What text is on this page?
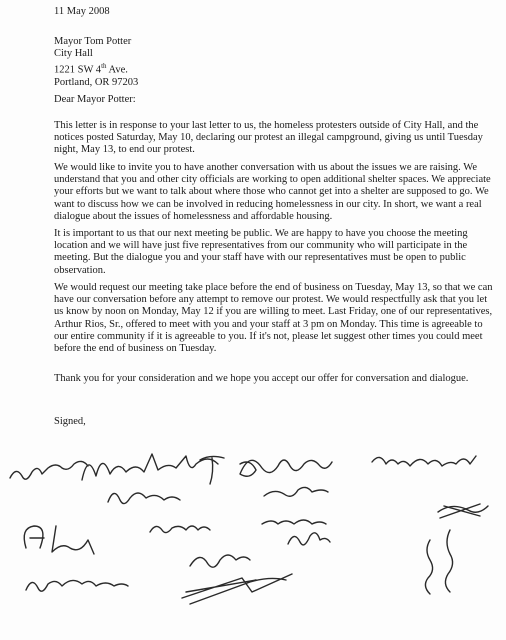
11 May 2008
Mayor Tom Potter
City Hall
1221 SW 4th Ave.
Portland, OR 97203
Dear Mayor Potter:

This letter is in response to your last letter to us, the homeless protesters outside of City Hall, and the notices posted Saturday, May 10, declaring our protest an illegal campground, giving us until Tuesday night, May 13, to end our protest.

We would like to invite you to have another conversation with us about the issues we are raising. We understand that you and other city officials are working to open additional shelter spaces. We appreciate your efforts but we want to talk about where those who cannot get into a shelter are supposed to go. We want to discuss how we can be involved in reducing homelessness in our city. In short, we want a real dialogue about the issues of homelessness and affordable housing.

It is important to us that our next meeting be public. We are happy to have you choose the meeting location and we will have just five representatives from our community who will participate in the meeting. But the dialogue you and your staff have with our representatives must be open to public observation.

We would request our meeting take place before the end of business on Tuesday, May 13, so that we can have our conversation before any attempt to remove our protest. We would respectfully ask that you let us know by noon on Monday, May 12 if you are willing to meet. Last Friday, one of our representatives, Arthur Rios, Sr., offered to meet with you and your staff at 3 pm on Monday. This time is agreeable to our entire community if it is agreeable to you. If it's not, please let suggest other times you could meet before the end of business on Tuesday.

Thank you for your consideration and we hope you accept our offer for conversation and dialogue.

Signed,
